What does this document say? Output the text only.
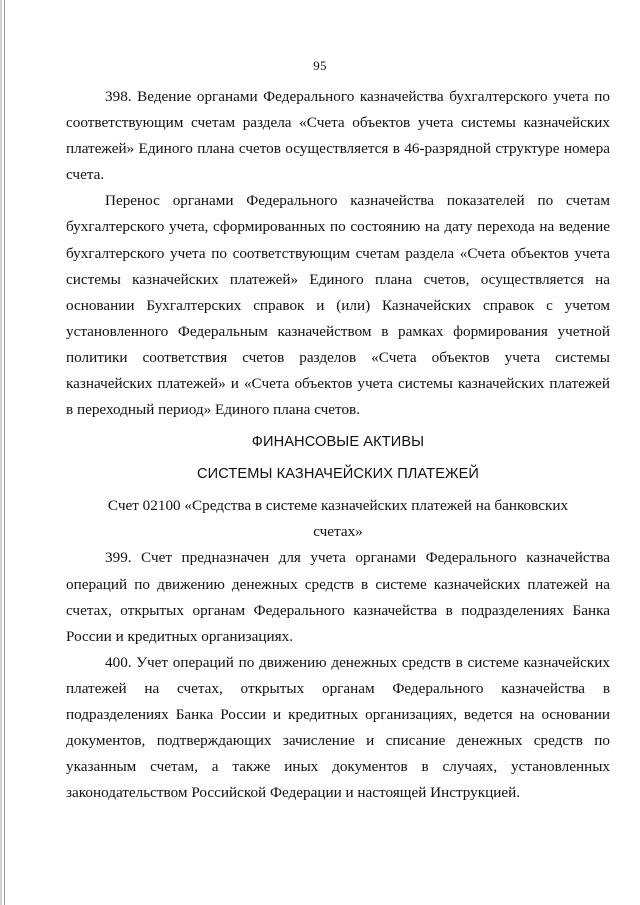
95

398. Ведение органами Федерального казначейства бухгалтерского учета по соответствующим счетам раздела «Счета объектов учета системы казначейских платежей» Единого плана счетов осуществляется в 46-разрядной структуре номера счета.

Перенос органами Федерального казначейства показателей по счетам бухгалтерского учета, сформированных по состоянию на дату перехода на ведение бухгалтерского учета по соответствующим счетам раздела «Счета объектов учета системы казначейских платежей» Единого плана счетов, осуществляется на основании Бухгалтерских справок и (или) Казначейских справок с учетом установленного Федеральным казначейством в рамках формирования учетной политики соответствия счетов разделов «Счета объектов учета системы казначейских платежей» и «Счета объектов учета системы казначейских платежей в переходный период» Единого плана счетов.

ФИНАНСОВЫЕ АКТИВЫ

СИСТЕМЫ КАЗНАЧЕЙСКИХ ПЛАТЕЖЕЙ

Счет 02100 «Средства в системе казначейских платежей на банковских счетах»

399. Счет предназначен для учета органами Федерального казначейства операций по движению денежных средств в системе казначейских платежей на счетах, открытых органам Федерального казначейства в подразделениях Банка России и кредитных организациях.

400. Учет операций по движению денежных средств в системе казначейских платежей на счетах, открытых органам Федерального казначейства в подразделениях Банка России и кредитных организациях, ведется на основании документов, подтверждающих зачисление и списание денежных средств по указанным счетам, а также иных документов в случаях, установленных законодательством Российской Федерации и настоящей Инструкцией.
